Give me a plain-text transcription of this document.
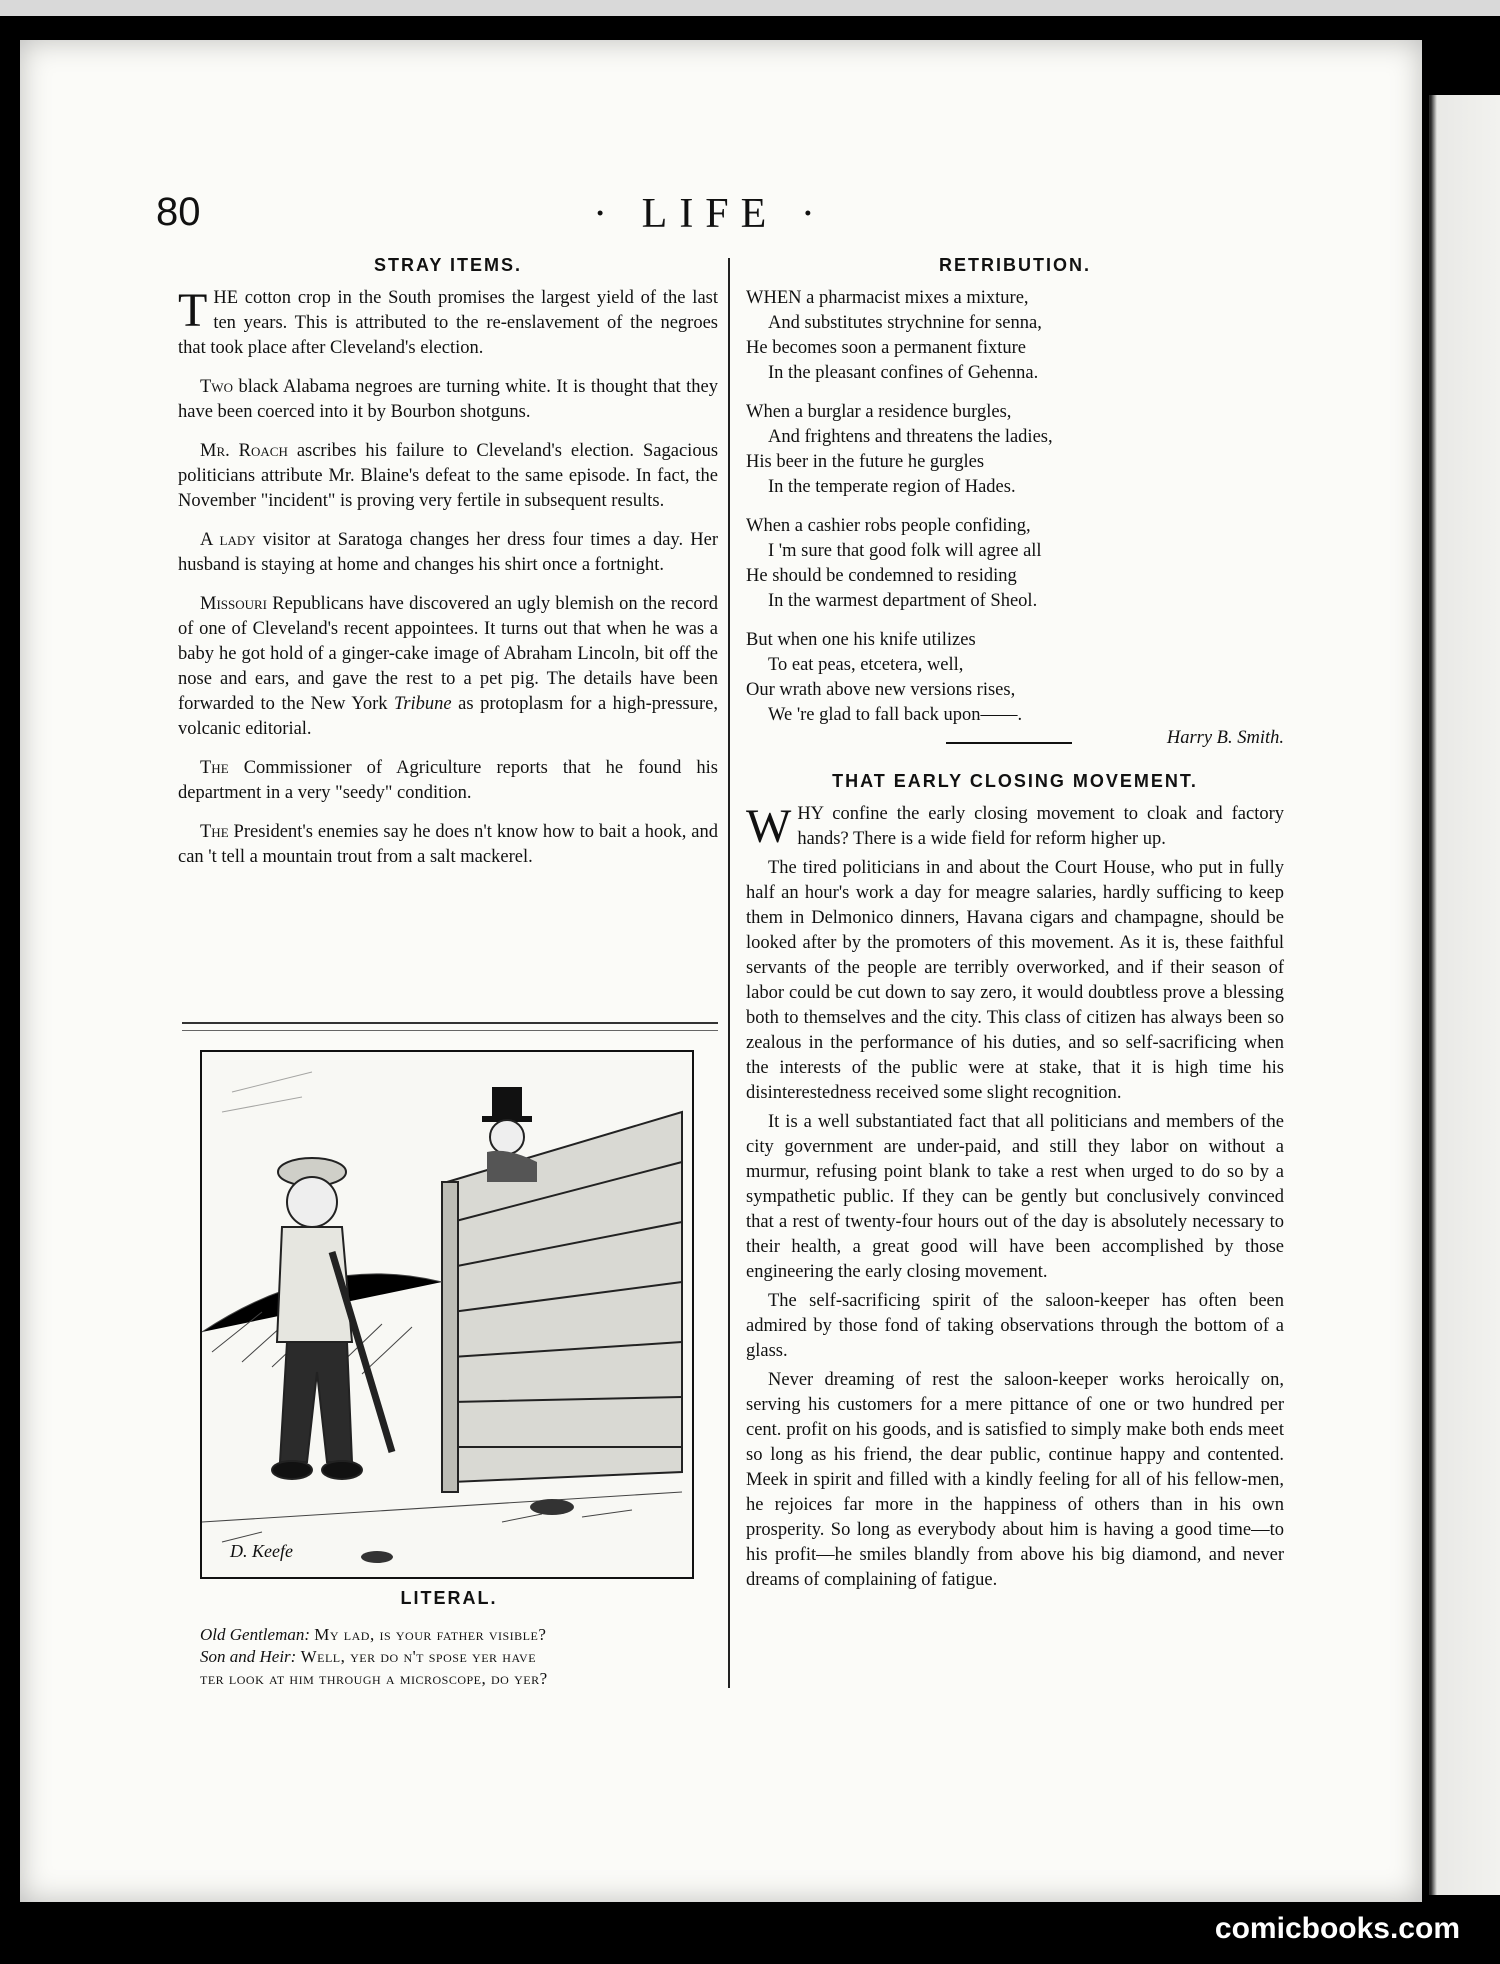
80	· LIFE ·
STRAY ITEMS.

THE cotton crop in the South promises the largest yield of the last ten years. This is attributed to the re-enslavement of the negroes that took place after Cleveland's election.

Two black Alabama negroes are turning white. It is thought that they have been coerced into it by Bourbon shotguns.

Mr. Roach ascribes his failure to Cleveland's election. Sagacious politicians attribute Mr. Blaine's defeat to the same episode. In fact, the November "incident" is proving very fertile in subsequent results.

A lady visitor at Saratoga changes her dress four times a day. Her husband is staying at home and changes his shirt once a fortnight.

Missouri Republicans have discovered an ugly blemish on the record of one of Cleveland's recent appointees. It turns out that when he was a baby he got hold of a ginger-cake image of Abraham Lincoln, bit off the nose and ears, and gave the rest to a pet pig. The details have been forwarded to the New York Tribune as protoplasm for a high-pressure, volcanic editorial.

The Commissioner of Agriculture reports that he found his department in a very "seedy" condition.

The President's enemies say he does n't know how to bait a hook, and can 't tell a mountain trout from a salt mackerel.

D. Keefe
LITERAL.
Old Gentleman: My lad, is your father visible?
Son and Heir: Well, yer do n't spose yer have
ter look at him through a microscope, do yer?
RETRIBUTION.
WHEN a pharmacist mixes a mixture,
And substitutes strychnine for senna,
He becomes soon a permanent fixture
In the pleasant confines of Gehenna.
When a burglar a residence burgles,
And frightens and threatens the ladies,
His beer in the future he gurgles
In the temperate region of Hades.
When a cashier robs people confiding,
I 'm sure that good folk will agree all
He should be condemned to residing
In the warmest department of Sheol.
But when one his knife utilizes
To eat peas, etcetera, well,
Our wrath above new versions rises,
We 're glad to fall back upon——.
Harry B. Smith.
THAT EARLY CLOSING MOVEMENT.

WHY confine the early closing movement to cloak and factory hands? There is a wide field for reform higher up.

The tired politicians in and about the Court House, who put in fully half an hour's work a day for meagre salaries, hardly sufficing to keep them in Delmonico dinners, Havana cigars and champagne, should be looked after by the promoters of this movement. As it is, these faithful servants of the people are terribly overworked, and if their season of labor could be cut down to say zero, it would doubtless prove a blessing both to themselves and the city. This class of citizen has always been so zealous in the performance of his duties, and so self-sacrificing when the interests of the public were at stake, that it is high time his disinterestedness received some slight recognition.

It is a well substantiated fact that all politicians and members of the city government are under-paid, and still they labor on without a murmur, refusing point blank to take a rest when urged to do so by a sympathetic public. If they can be gently but conclusively convinced that a rest of twenty-four hours out of the day is absolutely necessary to their health, a great good will have been accomplished by those engineering the early closing movement.

The self-sacrificing spirit of the saloon-keeper has often been admired by those fond of taking observations through the bottom of a glass.

Never dreaming of rest the saloon-keeper works heroically on, serving his customers for a mere pittance of one or two hundred per cent. profit on his goods, and is satisfied to simply make both ends meet so long as his friend, the dear public, continue happy and contented. Meek in spirit and filled with a kindly feeling for all of his fellow-men, he rejoices far more in the happiness of others than in his own prosperity. So long as everybody about him is having a good time—to his profit—he smiles blandly from above his big diamond, and never dreams of complaining of fatigue.

comicbooks.com
